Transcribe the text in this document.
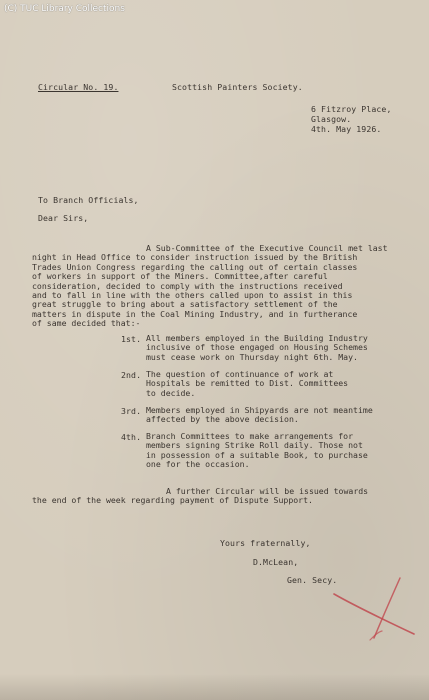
(C) TUC Library Collections
Circular No. 19.	Scottish Painters Society.
6 Fitzroy Place,
Glasgow.
4th. May 1926.
To Branch Officials,
Dear Sirs,
A Sub-Committee of the Executive Council met last
night in Head Office to consider instruction issued by the British
Trades Union Congress regarding the calling out of certain classes
of workers in support of the Miners. Committee,after careful
consideration, decided to comply with the instructions received
and to fall in line with the others called upon to assist in this
great struggle to bring about a satisfactory settlement of the
matters in dispute in the Coal Mining Industry, and in furtherance
of same decided that:-
1st. All members employed in the Building Industry
inclusive of those engaged on Housing Schemes
must cease work on Thursday night 6th. May.
2nd. The question of continuance of work at
Hospitals be remitted to Dist. Committees
to decide.
3rd. Members employed in Shipyards are not meantime
affected by the above decision.
4th. Branch Committees to make arrangements for
members signing Strike Roll daily. Those not
in possession of a suitable Book, to purchase
one for the occasion.
A further Circular will be issued towards
the end of the week regarding payment of Dispute Support.
Yours fraternally,
D.McLean,
Gen. Secy.
